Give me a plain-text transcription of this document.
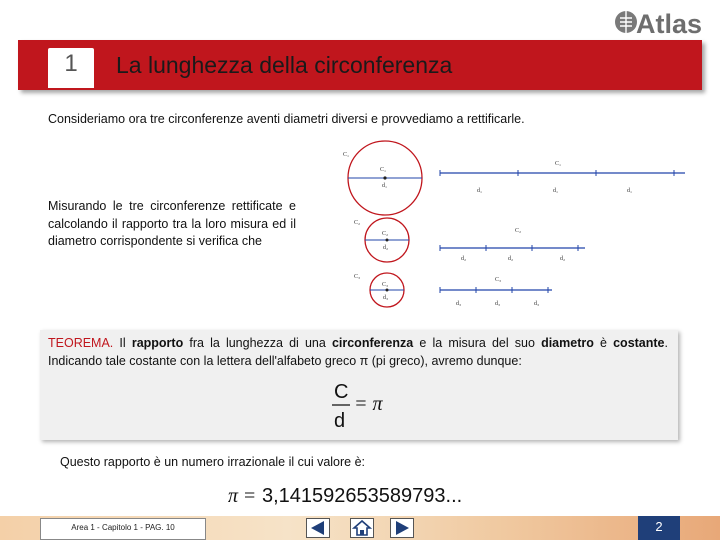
Atlas
1	La lunghezza della circonferenza
Consideriamo ora tre circonferenze aventi diametri diversi e provvediamo a rettificarle.
Misurando le tre circonferenze rettificate e calcolando il rapporto tra la loro misura ed il diametro corrispondente si verifica che
C₁
C₁
d₁
C₁
d₁	d₁	d₁
C₂
C₂
d₂
C₂
d₂	d₂	d₂
C₃
C₃
d₃
C₃
d₃	d₃	d₃
TEOREMA. Il rapporto fra la lunghezza di una circonferenza e la misura del suo diametro è costante. Indicando tale costante con la lettera dell'alfabeto greco π (pi greco), avremo dunque:
C
d
= π
Questo rapporto è un numero irrazionale il cui valore è:
π = 3,141592653589793...
Area 1 - Capitolo 1 - PAG. 10	2
